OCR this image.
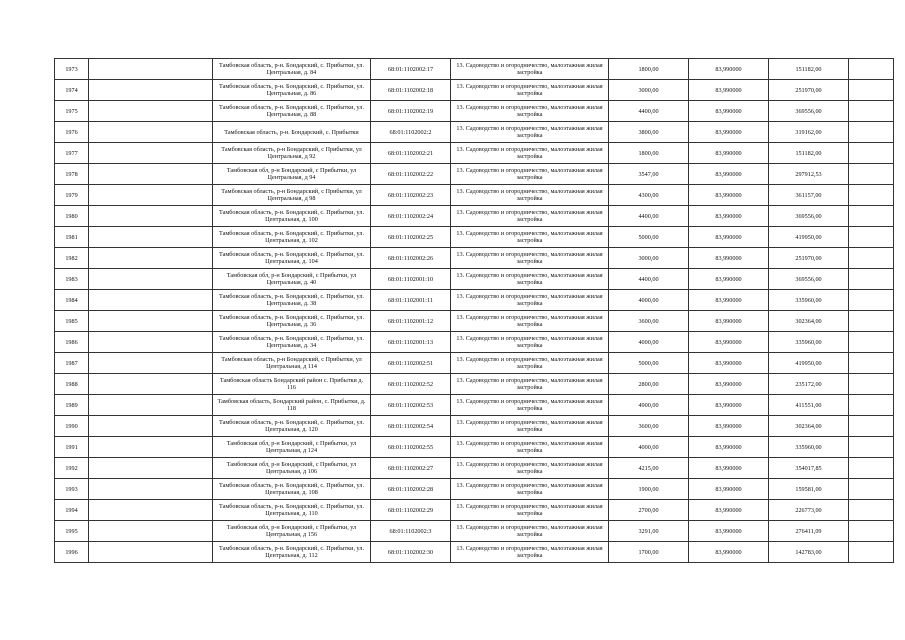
1973		Тамбовская область, р-н. Бондарский, с. Прибытки, ул. Центральная, д. 84	68:01:1102002:17	13. Садоводство и огородничество, малоэтажная жилая застройка	1800,00	83,990000	151182,00	
1974		Тамбовская область, р-н. Бондарский, с. Прибытки, ул. Центральная, д. 86	68:01:1102002:18	13. Садоводство и огородничество, малоэтажная жилая застройка	3000,00	83,990000	251970,00	
1975		Тамбовская область, р-н. Бондарский, с. Прибытки, ул. Центральная, д. 88	68:01:1102002:19	13. Садоводство и огородничество, малоэтажная жилая застройка	4400,00	83,990000	369556,00	
1976		Тамбовская область, р-н. Бондарский, с. Прибытки	68:01:1102002:2	13. Садоводство и огородничество, малоэтажная жилая застройка	3800,00	83,990000	319162,00	
1977		Тамбовская область, р-н Бондарский, с Прибытки, ул Центральная, д 92	68:01:1102002:21	13. Садоводство и огородничество, малоэтажная жилая застройка	1800,00	83,990000	151182,00	
1978		Тамбовская обл, р-н Бондарский, с Прибытки, ул Центральная, д 94	68:01:1102002:22	13. Садоводство и огородничество, малоэтажная жилая застройка	3547,00	83,990000	297912,53	
1979		Тамбовская область, р-н Бондарский, с Прибытки, ул Центральная, д 98	68:01:1102002:23	13. Садоводство и огородничество, малоэтажная жилая застройка	4300,00	83,990000	361157,00	
1980		Тамбовская область, р-н. Бондарский, с. Прибытки, ул. Центральная, д. 100	68:01:1102002:24	13. Садоводство и огородничество, малоэтажная жилая застройка	4400,00	83,990000	369556,00	
1981		Тамбовская область, р-н. Бондарский, с. Прибытки, ул. Центральная, д. 102	68:01:1102002:25	13. Садоводство и огородничество, малоэтажная жилая застройка	5000,00	83,990000	419950,00	
1982		Тамбовская область, р-н. Бондарский, с. Прибытки, ул. Центральная, д. 104	68:01:1102002:26	13. Садоводство и огородничество, малоэтажная жилая застройка	3000,00	83,990000	251970,00	
1983		Тамбовская обл, р-н Бондарский, с Прибытки, ул Центральная, д. 40	68:01:1102001:10	13. Садоводство и огородничество, малоэтажная жилая застройка	4400,00	83,990000	369556,00	
1984		Тамбовская область, р-н. Бондарский, с. Прибытки, ул. Центральная, д. 38	68:01:1102001:11	13. Садоводство и огородничество, малоэтажная жилая застройка	4000,00	83,990000	335960,00	
1985		Тамбовская область, р-н. Бондарский, с. Прибытки, ул. Центральная, д. 36	68:01:1102001:12	13. Садоводство и огородничество, малоэтажная жилая застройка	3600,00	83,990000	302364,00	
1986		Тамбовская область, р-н. Бондарский, с. Прибытки, ул. Центральная, д. 34	68:01:1102001:13	13. Садоводство и огородничество, малоэтажная жилая застройка	4000,00	83,990000	335960,00	
1987		Тамбовская область, р-н Бондарский, с Прибытки, ул Центральная, д 114	68:01:1102002:51	13. Садоводство и огородничество, малоэтажная жилая застройка	5000,00	83,990000	419950,00	
1988		Тамбовская область Бондарский район с. Прибытки д. 116	68:01:1102002:52	13. Садоводство и огородничество, малоэтажная жилая застройка	2800,00	83,990000	235172,00	
1989		Тамбовская область, Бондарский район, с. Прибытки, д. 118	68:01:1102002:53	13. Садоводство и огородничество, малоэтажная жилая застройка	4900,00	83,990000	411551,00	
1990		Тамбовская область, р-н. Бондарский, с. Прибытки, ул. Центральная, д. 120	68:01:1102002:54	13. Садоводство и огородничество, малоэтажная жилая застройка	3600,00	83,990000	302364,00	
1991		Тамбовская обл, р-н Бондарский, с Прибытки, ул Центральная, д 124	68:01:1102002:55	13. Садоводство и огородничество, малоэтажная жилая застройка	4000,00	83,990000	335960,00	
1992		Тамбовская обл, р-н Бондарский, с Прибытки, ул Центральная, д 106	68:01:1102002:27	13. Садоводство и огородничество, малоэтажная жилая застройка	4215,00	83,990000	354017,85	
1993		Тамбовская область, р-н. Бондарский, с. Прибытки, ул. Центральная, д. 108	68:01:1102002:28	13. Садоводство и огородничество, малоэтажная жилая застройка	1900,00	83,990000	159581,00	
1994		Тамбовская область, р-н. Бондарский, с. Прибытки, ул. Центральная, д. 110	68:01:1102002:29	13. Садоводство и огородничество, малоэтажная жилая застройка	2700,00	83,990000	226773,00	
1995		Тамбовская обл, р-н Бондарский, с Прибытки, ул Центральная, д 156	68:01:1102002:3	13. Садоводство и огородничество, малоэтажная жилая застройка	3291,00	83,990000	276411,09	
1996		Тамбовская область, р-н. Бондарский, с. Прибытки, ул. Центральная, д. 112	68:01:1102002:30	13. Садоводство и огородничество, малоэтажная жилая застройка	1700,00	83,990000	142783,00	
